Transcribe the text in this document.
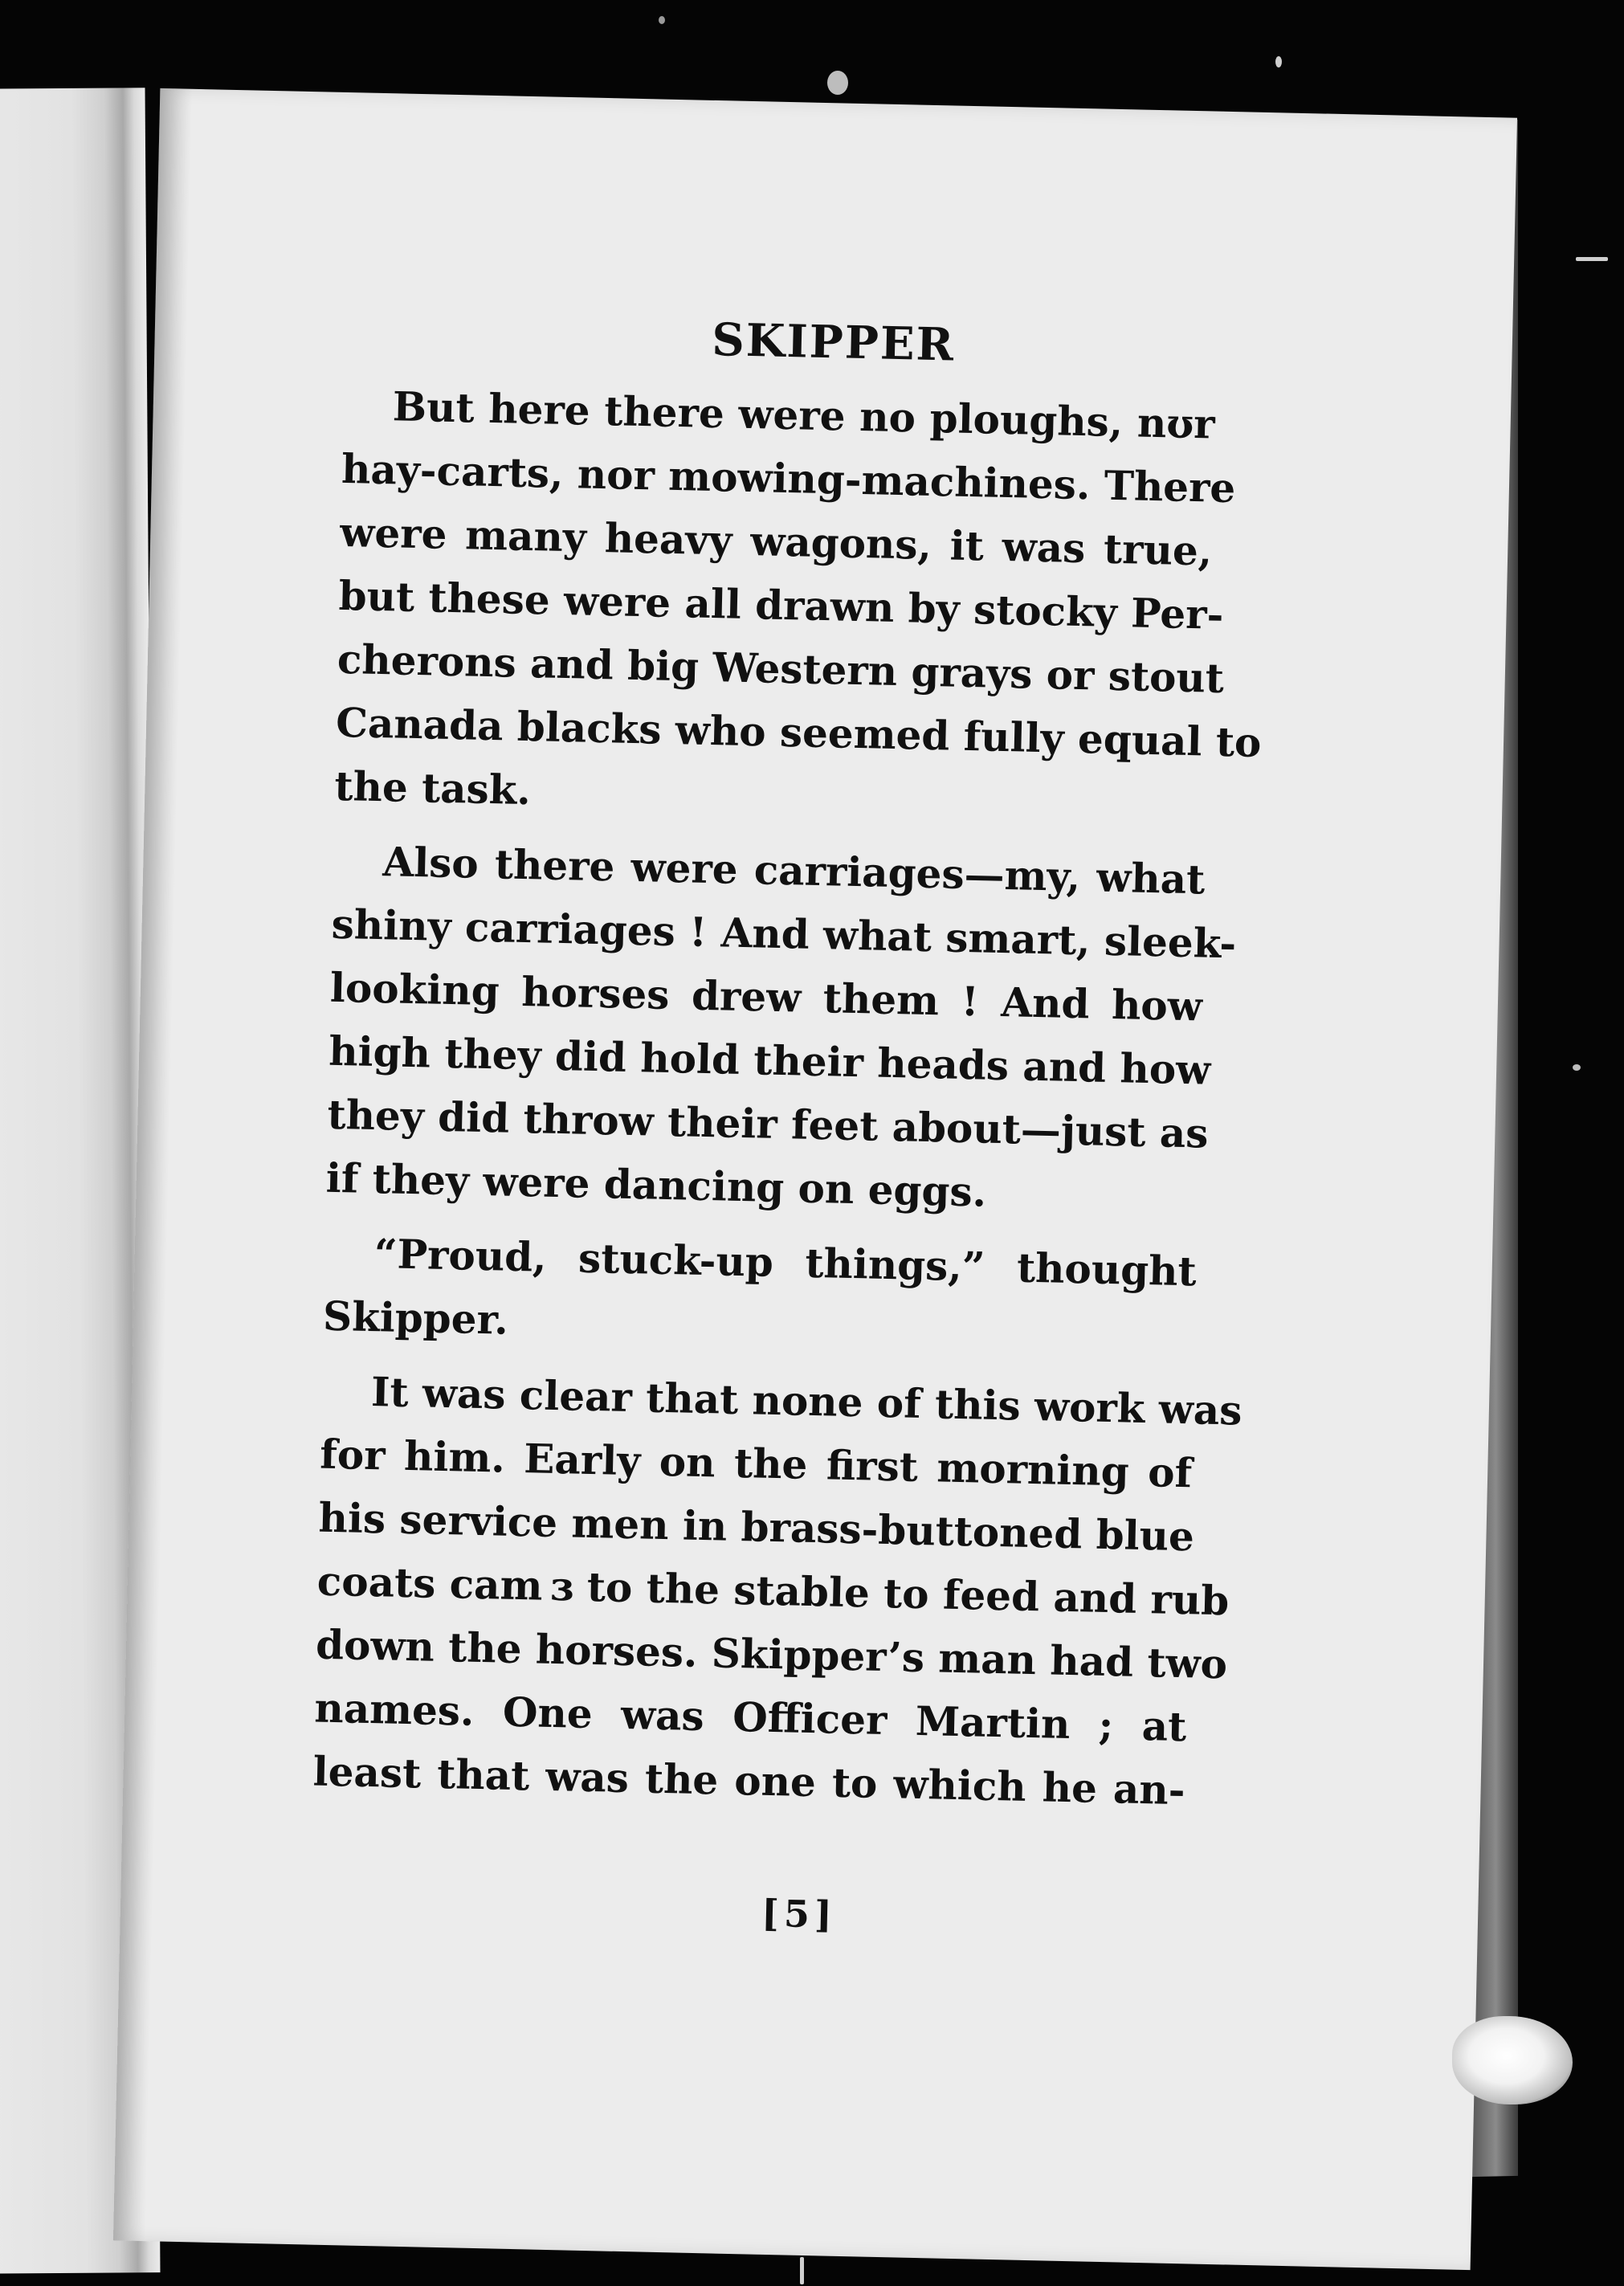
SKIPPER

But here there were no ploughs, nʊr
hay-carts, nor mowing-machines. There
were many heavy wagons, it was true,
but these were all drawn by stocky Per-
cherons and big Western grays or stout
Canada blacks who seemed fully equal to
the task.

Also there were carriages—my, what
shiny carriages ! And what smart, sleek-
looking horses drew them ! And how
high they did hold their heads and how
they did throw their feet about—just as
if they were dancing on eggs.

“Proud, stuck-up things,” thought
Skipper.

It was clear that none of this work was
for him. Early on the first morning of
his service men in brass-buttoned blue
coats cam ɜ to the stable to feed and rub
down the horses. Skipper’s man had two
names. One was Officer Martin ; at
least that was the one to which he an-

[5]
